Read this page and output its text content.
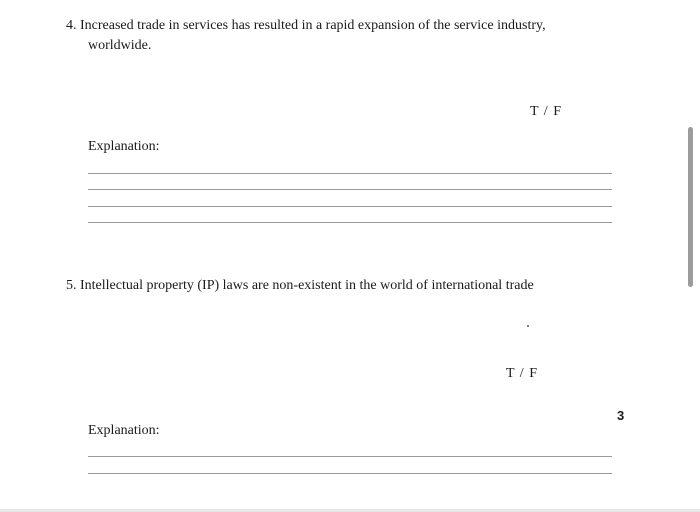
4. Increased trade in services has resulted in a rapid expansion of the service industry,
worldwide.
T / F
Explanation:
5. Intellectual property (IP) laws are non-existent in the world of international trade
T / F
3
Explanation:
